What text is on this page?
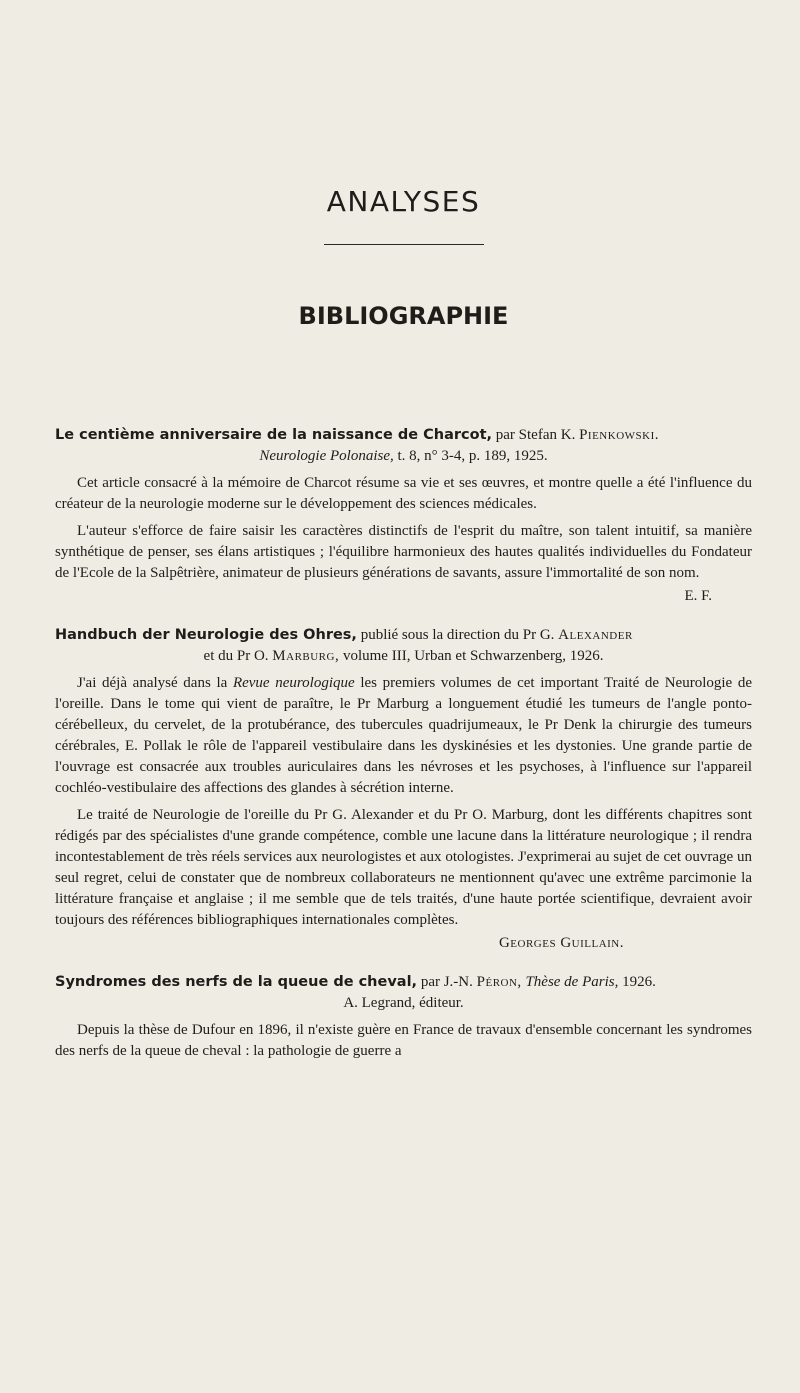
ANALYSES
BIBLIOGRAPHIE

Le centième anniversaire de la naissance de Charcot, par Stefan K. Pienkowski.
Neurologie Polonaise, t. 8, n° 3-4, p. 189, 1925.

Cet article consacré à la mémoire de Charcot résume sa vie et ses œuvres, et montre quelle a été l'influence du créateur de la neurologie moderne sur le développement des sciences médicales.

L'auteur s'efforce de faire saisir les caractères distinctifs de l'esprit du maître, son talent intuitif, sa manière synthétique de penser, ses élans artistiques ; l'équilibre harmonieux des hautes qualités individuelles du Fondateur de l'Ecole de la Salpêtrière, animateur de plusieurs générations de savants, assure l'immortalité de son nom.

E. F.

Handbuch der Neurologie des Ohres, publié sous la direction du Pr G. Alexander
et du Pr O. Marburg, volume III, Urban et Schwarzenberg, 1926.

J'ai déjà analysé dans la Revue neurologique les premiers volumes de cet important Traité de Neurologie de l'oreille. Dans le tome qui vient de paraître, le Pr Marburg a longuement étudié les tumeurs de l'angle ponto-cérébelleux, du cervelet, de la protubérance, des tubercules quadrijumeaux, le Pr Denk la chirurgie des tumeurs cérébrales, E. Pollak le rôle de l'appareil vestibulaire dans les dyskinésies et les dystonies. Une grande partie de l'ouvrage est consacrée aux troubles auriculaires dans les névroses et les psychoses, à l'influence sur l'appareil cochléo-vestibulaire des affections des glandes à sécrétion interne.

Le traité de Neurologie de l'oreille du Pr G. Alexander et du Pr O. Marburg, dont les différents chapitres sont rédigés par des spécialistes d'une grande compétence, comble une lacune dans la littérature neurologique ; il rendra incontestablement de très réels services aux neurologistes et aux otologistes. J'exprimerai au sujet de cet ouvrage un seul regret, celui de constater que de nombreux collaborateurs ne mentionnent qu'avec une extrême parcimonie la littérature française et anglaise ; il me semble que de tels traités, d'une haute portée scientifique, devraient avoir toujours des références bibliographiques internationales complètes.

Georges Guillain.

Syndromes des nerfs de la queue de cheval, par J.-N. Péron, Thèse de Paris, 1926.
A. Legrand, éditeur.

Depuis la thèse de Dufour en 1896, il n'existe guère en France de travaux d'ensemble concernant les syndromes des nerfs de la queue de cheval : la pathologie de guerre a
